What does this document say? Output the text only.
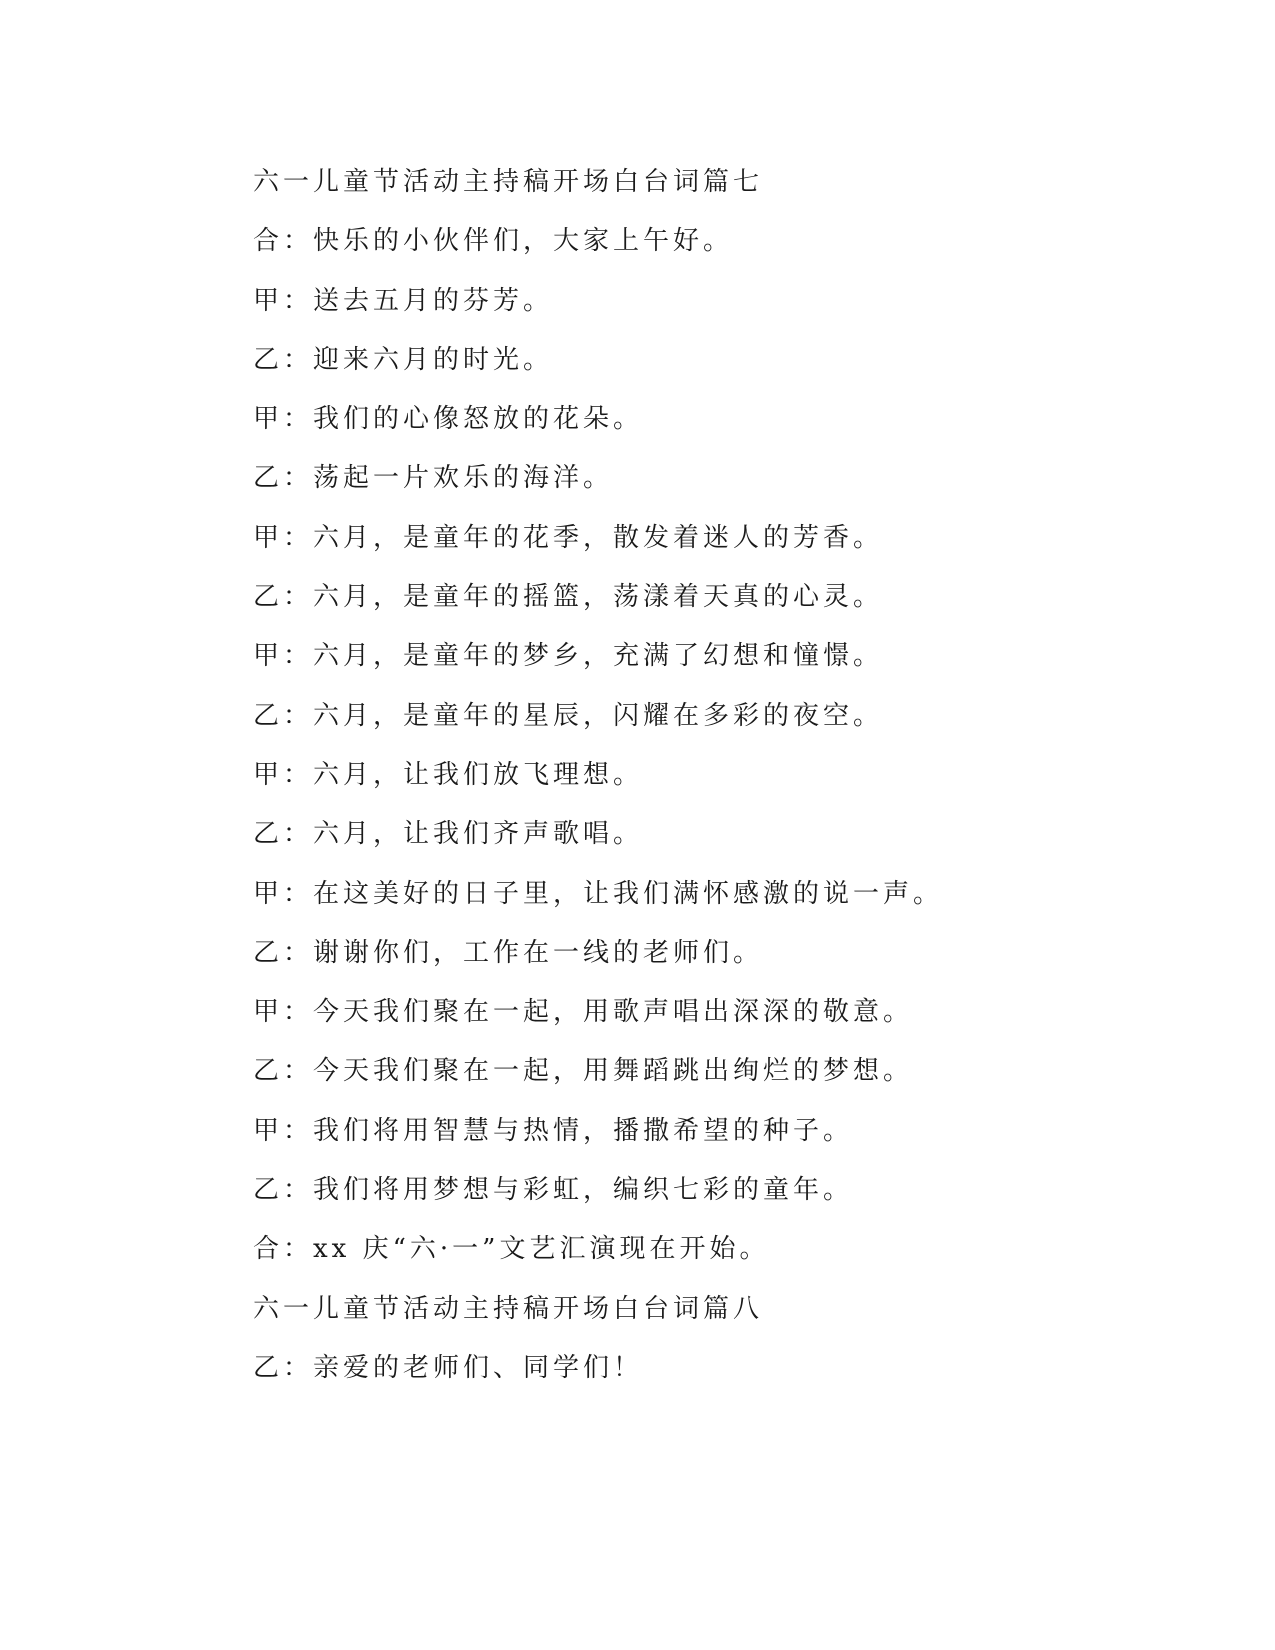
六一儿童节活动主持稿开场白台词篇七
合：快乐的小伙伴们，大家上午好。
甲：送去五月的芬芳。
乙：迎来六月的时光。
甲：我们的心像怒放的花朵。
乙：荡起一片欢乐的海洋。
甲：六月，是童年的花季，散发着迷人的芳香。
乙：六月，是童年的摇篮，荡漾着天真的心灵。
甲：六月，是童年的梦乡，充满了幻想和憧憬。
乙：六月，是童年的星辰，闪耀在多彩的夜空。
甲：六月，让我们放飞理想。
乙：六月，让我们齐声歌唱。
甲：在这美好的日子里，让我们满怀感激的说一声。
乙：谢谢你们，工作在一线的老师们。
甲：今天我们聚在一起，用歌声唱出深深的敬意。
乙：今天我们聚在一起，用舞蹈跳出绚烂的梦想。
甲：我们将用智慧与热情，播撒希望的种子。
乙：我们将用梦想与彩虹，编织七彩的童年。
合：xx 庆“六·一”文艺汇演现在开始。
六一儿童节活动主持稿开场白台词篇八
乙：亲爱的老师们、同学们！
